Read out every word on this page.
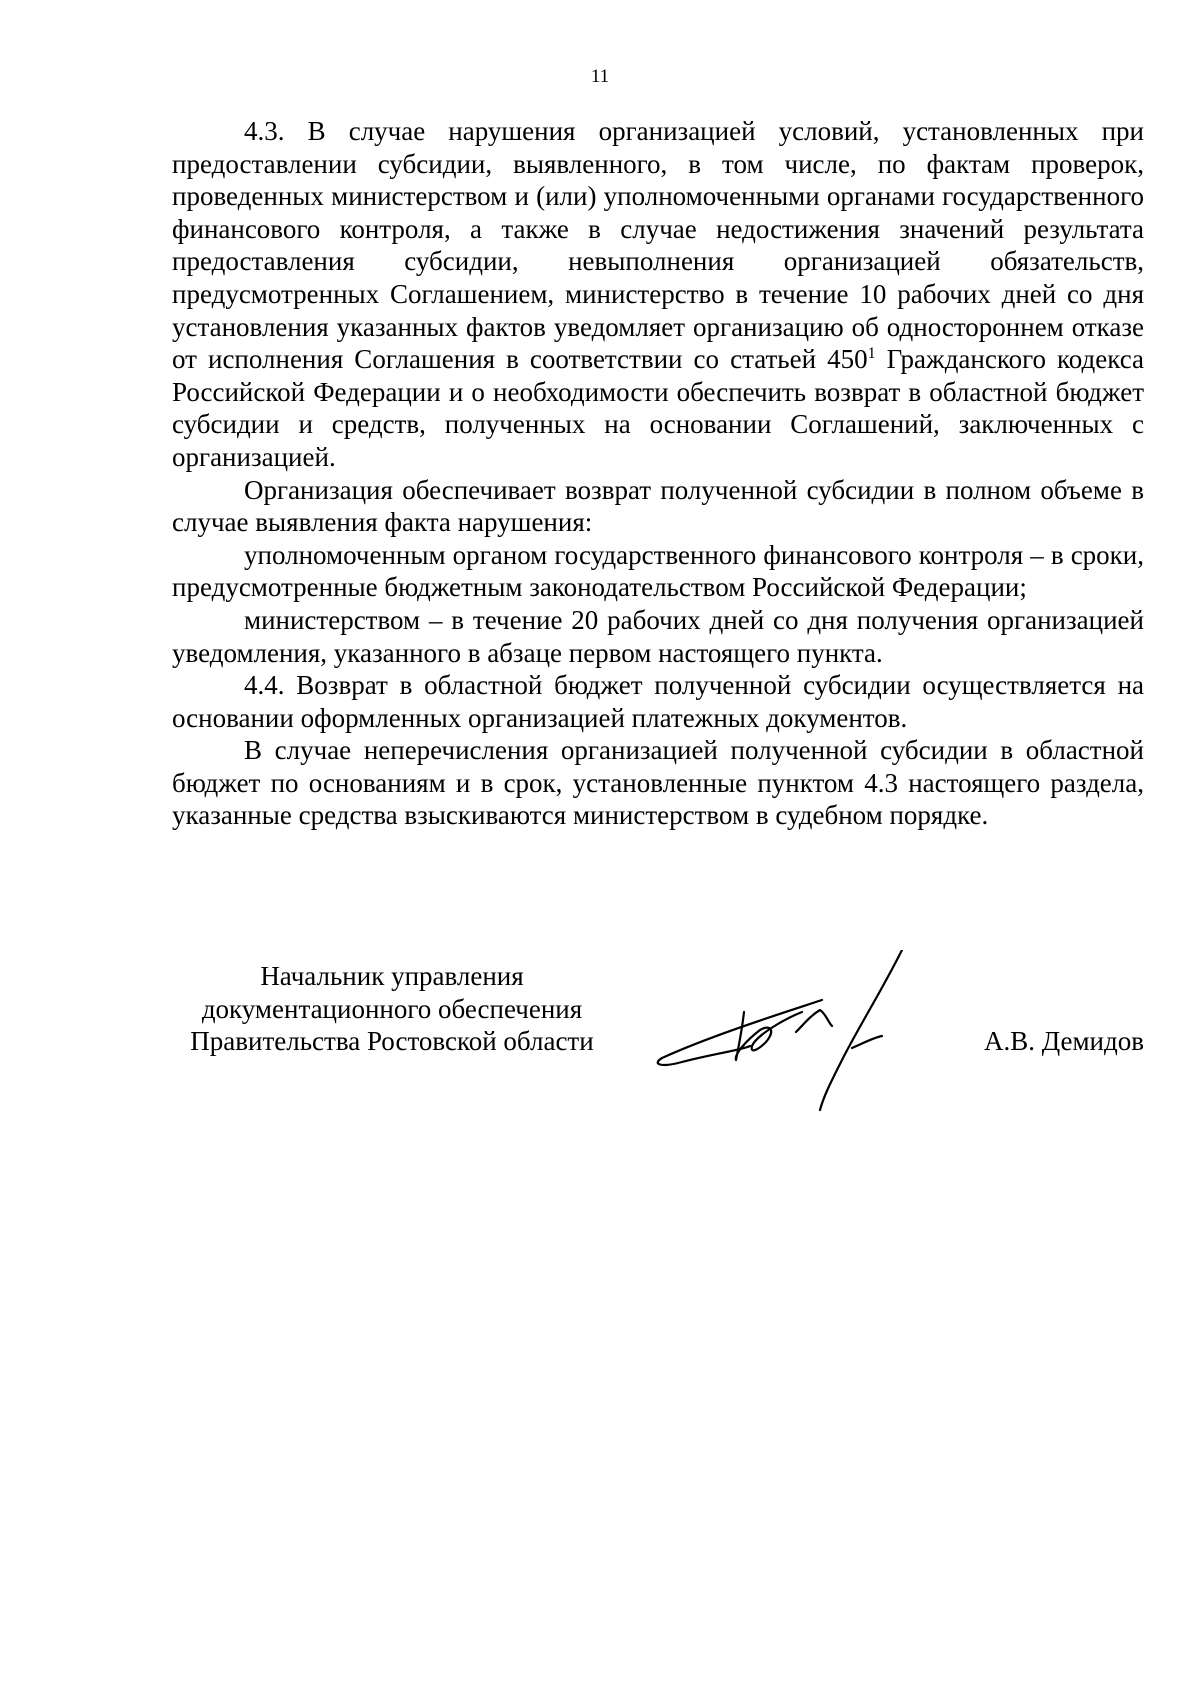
11

4.3. В случае нарушения организацией условий, установленных при предоставлении субсидии, выявленного, в том числе, по фактам проверок, проведенных министерством и (или) уполномоченными органами государственного финансового контроля, а также в случае недостижения значений результата предоставления субсидии, невыполнения организацией обязательств, предусмотренных Соглашением, министерство в течение 10 рабочих дней со дня установления указанных фактов уведомляет организацию об одностороннем отказе от исполнения Соглашения в соответствии со статьей $450^1$ Гражданского кодекса Российской Федерации и о необходимости обеспечить возврат в областной бюджет субсидии и средств, полученных на основании Соглашений, заключенных с организацией.

Организация обеспечивает возврат полученной субсидии в полном объеме в случае выявления факта нарушения:

уполномоченным органом государственного финансового контроля – в сроки, предусмотренные бюджетным законодательством Российской Федерации;

министерством – в течение 20 рабочих дней со дня получения организацией уведомления, указанного в абзаце первом настоящего пункта.

4.4. Возврат в областной бюджет полученной субсидии осуществляется на основании оформленных организацией платежных документов.

В случае неперечисления организацией полученной субсидии в областной бюджет по основаниям и в срок, установленные пунктом 4.3 настоящего раздела, указанные средства взыскиваются министерством в судебном порядке.

Начальник управления
документационного обеспечения
Правительства Ростовской области	А.В. Демидов
